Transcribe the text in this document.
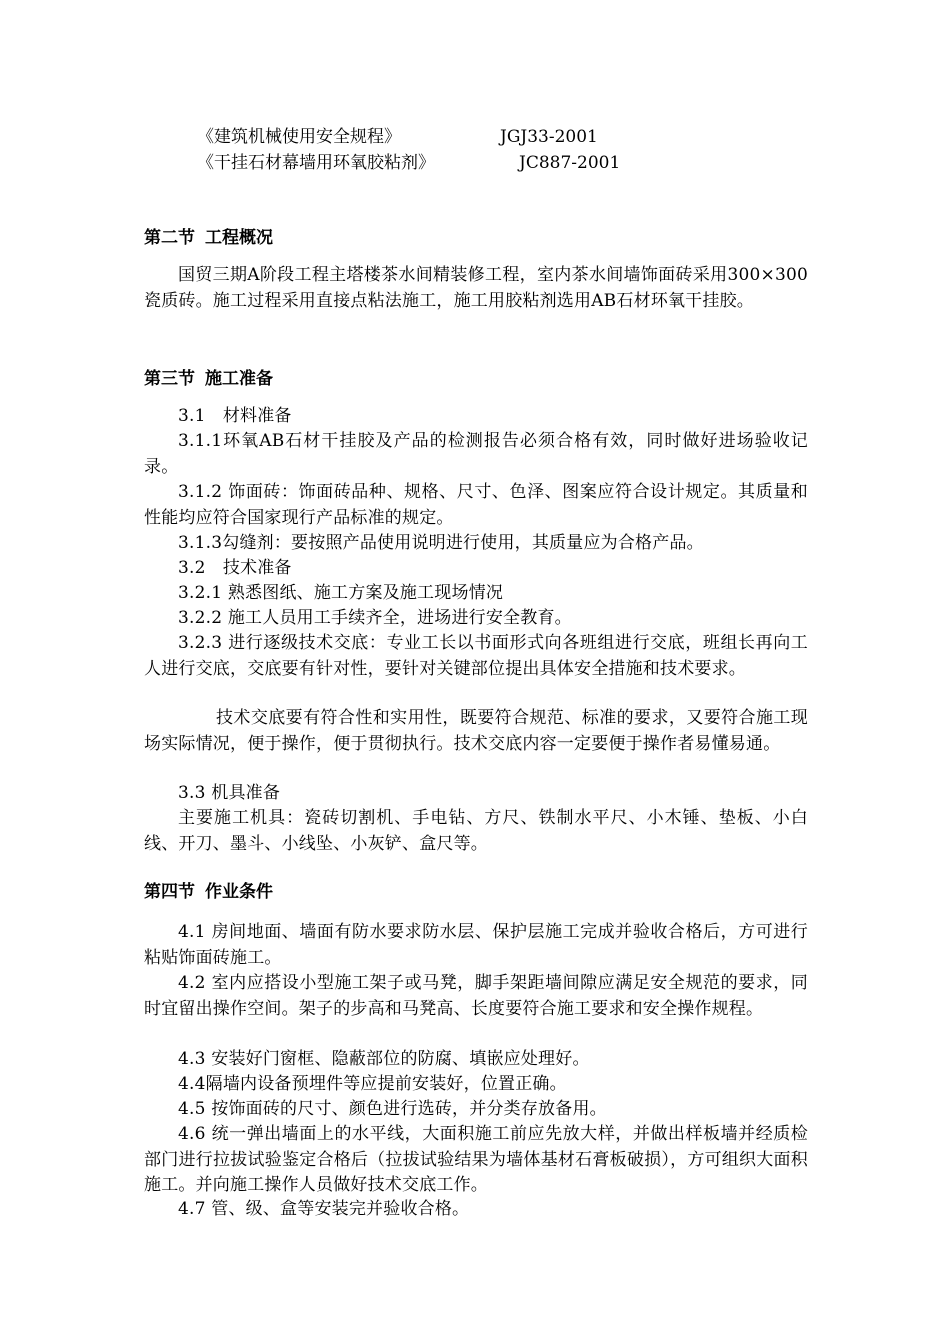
《建筑机械使用安全规程》	JGJ33-2001
《干挂石材幕墙用环氧胶粘剂》	JC887-2001
第二节 工程概况

国贸三期A阶段工程主塔楼茶水间精装修工程，室内茶水间墙饰面砖采用300×300瓷质砖。施工过程采用直接点粘法施工，施工用胶粘剂选用AB石材环氧干挂胶。

第三节 施工准备

3.1　材料准备

3.1.1环氧AB石材干挂胶及产品的检测报告必须合格有效，同时做好进场验收记录。

3.1.2 饰面砖：饰面砖品种、规格、尺寸、色泽、图案应符合设计规定。其质量和性能均应符合国家现行产品标准的规定。

3.1.3勾缝剂：要按照产品使用说明进行使用，其质量应为合格产品。

3.2　技术准备

3.2.1 熟悉图纸、施工方案及施工现场情况

3.2.2 施工人员用工手续齐全，进场进行安全教育。

3.2.3 进行逐级技术交底：专业工长以书面形式向各班组进行交底，班组长再向工人进行交底，交底要有针对性，要针对关键部位提出具体安全措施和技术要求。

技术交底要有符合性和实用性，既要符合规范、标准的要求，又要符合施工现场实际情况，便于操作，便于贯彻执行。技术交底内容一定要便于操作者易懂易通。

3.3 机具准备

主要施工机具：瓷砖切割机、手电钻、方尺、铁制水平尺、小木锤、垫板、小白线、开刀、墨斗、小线坠、小灰铲、盒尺等。

第四节 作业条件

4.1 房间地面、墙面有防水要求防水层、保护层施工完成并验收合格后，方可进行粘贴饰面砖施工。

4.2 室内应搭设小型施工架子或马凳，脚手架距墙间隙应满足安全规范的要求，同时宜留出操作空间。架子的步高和马凳高、长度要符合施工要求和安全操作规程。

4.3 安装好门窗框、隐蔽部位的防腐、填嵌应处理好。

4.4隔墙内设备预埋件等应提前安装好，位置正确。

4.5 按饰面砖的尺寸、颜色进行选砖，并分类存放备用。

4.6 统一弹出墙面上的水平线，大面积施工前应先放大样，并做出样板墙并经质检部门进行拉拔试验鉴定合格后（拉拔试验结果为墙体基材石膏板破损），方可组织大面积施工。并向施工操作人员做好技术交底工作。

4.7 管、级、盒等安装完并验收合格。
